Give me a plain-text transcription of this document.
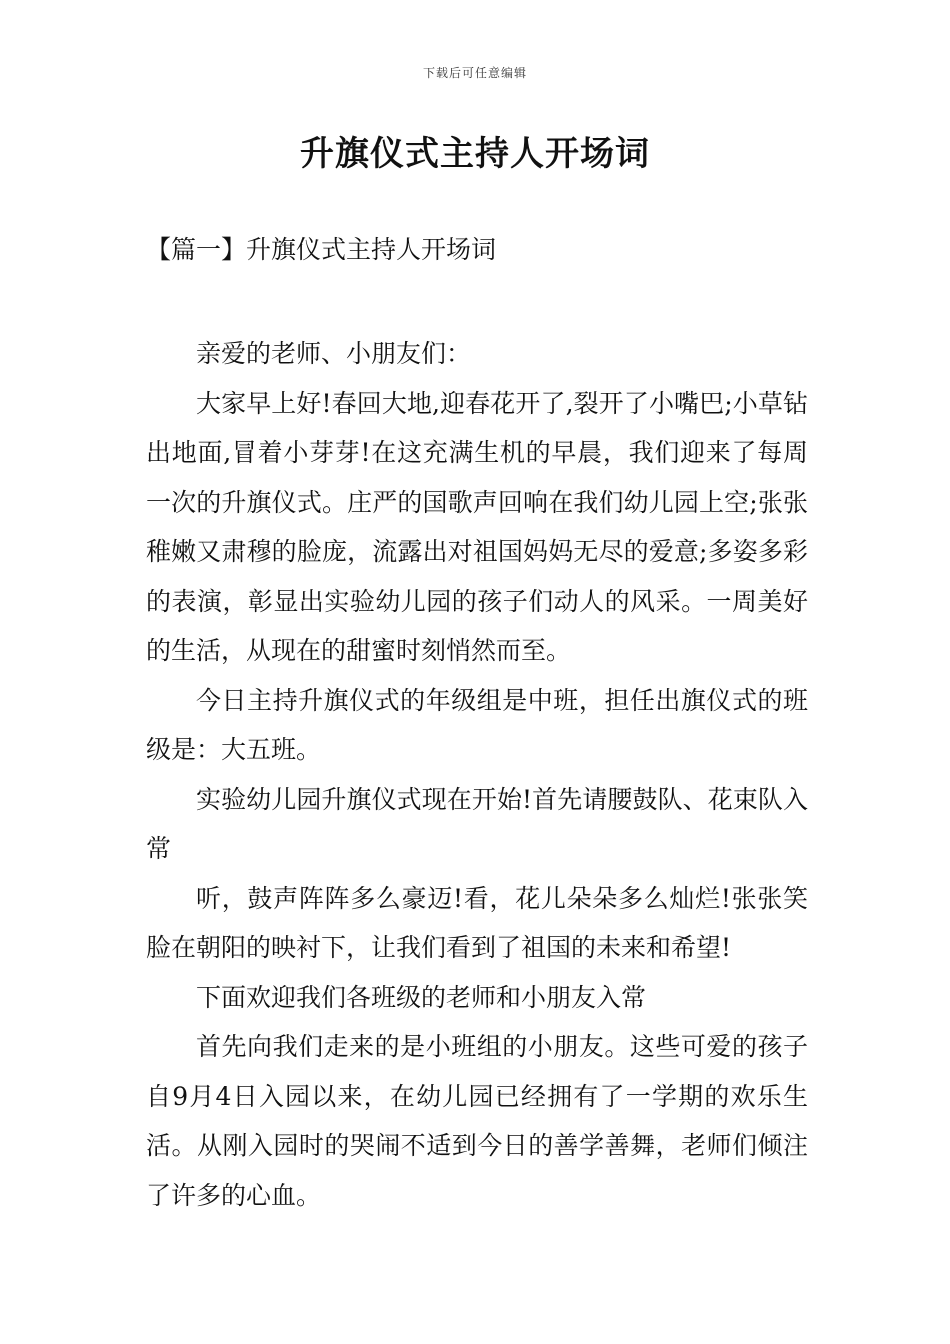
下载后可任意编辑
升旗仪式主持人开场词
【篇一】升旗仪式主持人开场词

亲爱的老师、小朋友们：

大家早上好!春回大地,迎春花开了,裂开了小嘴巴;小草钻出地面,冒着小芽芽!在这充满生机的早晨，我们迎来了每周一次的升旗仪式。庄严的国歌声回响在我们幼儿园上空;张张稚嫩又肃穆的脸庞，流露出对祖国妈妈无尽的爱意;多姿多彩的表演，彰显出实验幼儿园的孩子们动人的风采。一周美好的生活，从现在的甜蜜时刻悄然而至。

今日主持升旗仪式的年级组是中班，担任出旗仪式的班级是：大五班。

实验幼儿园升旗仪式现在开始!首先请腰鼓队、花束队入常

听，鼓声阵阵多么豪迈!看，花儿朵朵多么灿烂!张张笑脸在朝阳的映衬下，让我们看到了祖国的未来和希望!

下面欢迎我们各班级的老师和小朋友入常

首先向我们走来的是小班组的小朋友。这些可爱的孩子自9月4日入园以来，在幼儿园已经拥有了一学期的欢乐生活。从刚入园时的哭闹不适到今日的善学善舞，老师们倾注了许多的心血。
